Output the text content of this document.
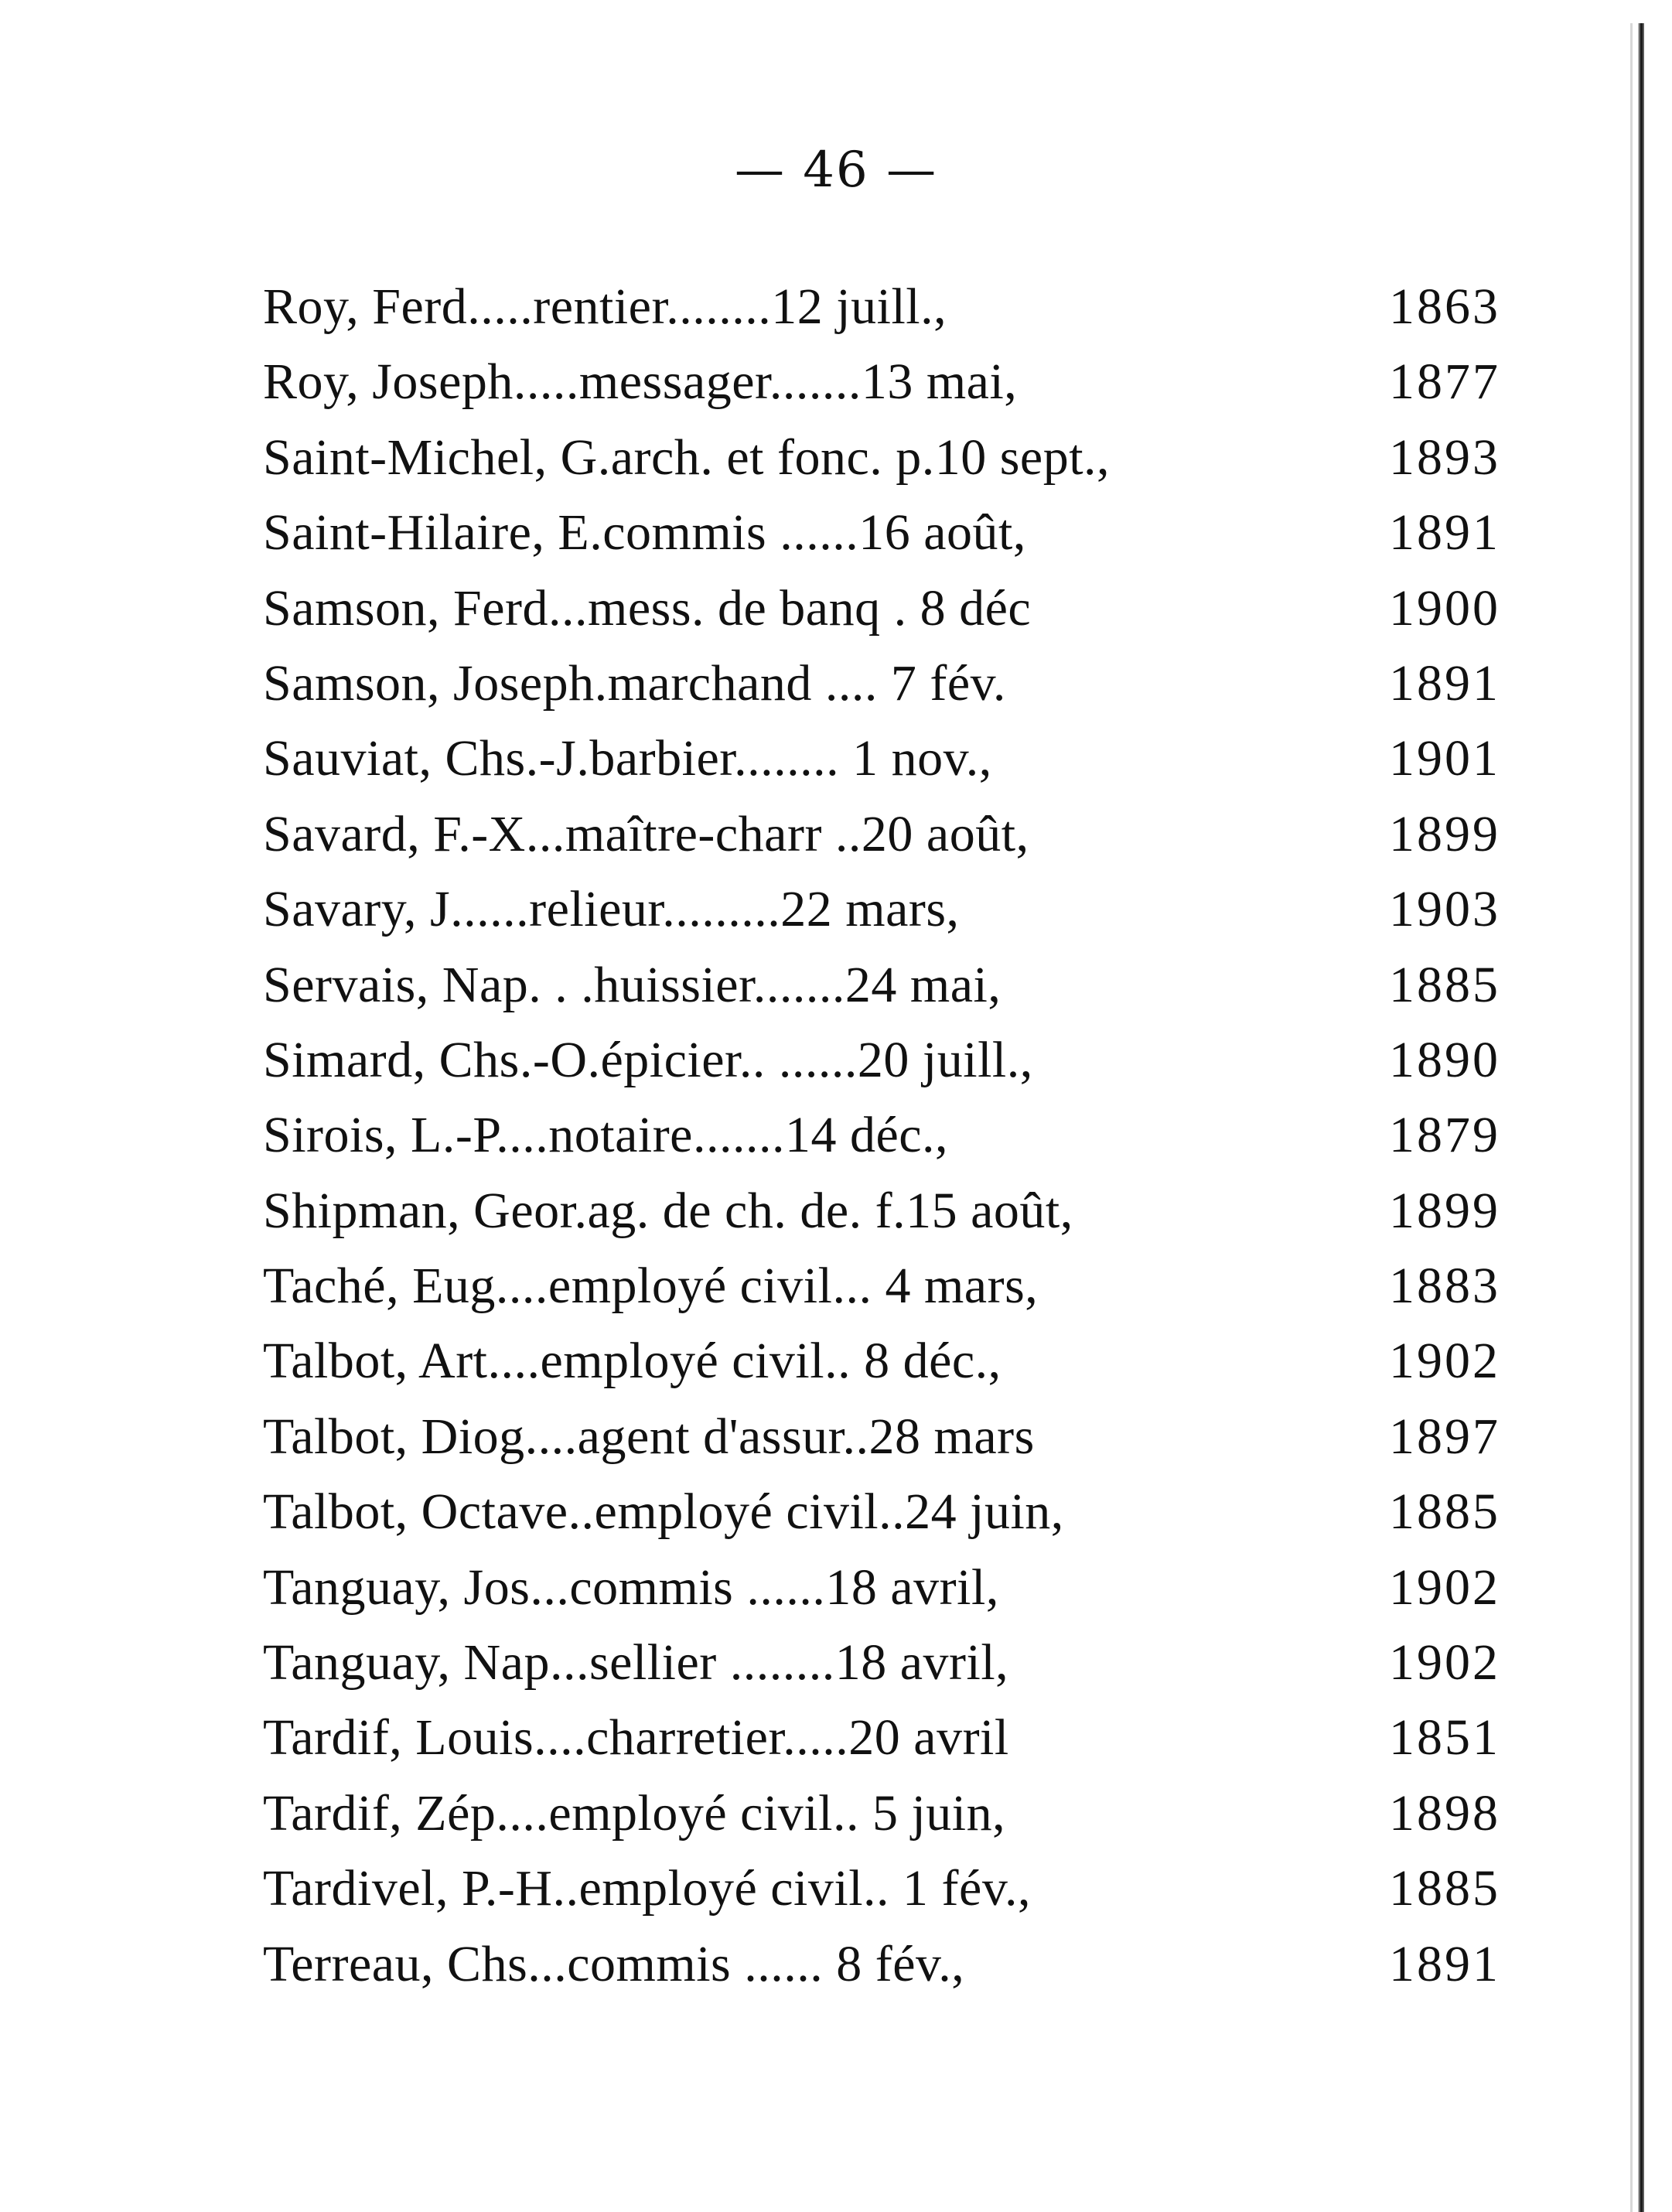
— 46 —
Roy, Ferd.....rentier........12 juill.,	1863
Roy, Joseph.....messager.......13 mai,	1877
Saint-Michel, G.arch. et fonc. p.10 sept.,	1893
Saint-Hilaire, E.commis ......16 août,	1891
Samson, Ferd...mess. de banq . 8 déc	1900
Samson, Joseph.marchand .... 7 fév.	1891
Sauviat, Chs.-J.barbier........ 1 nov.,	1901
Savard, F.-X...maître-charr ..20 août,	1899
Savary, J......relieur.........22 mars,	1903
Servais, Nap. . .huissier.......24 mai,	1885
Simard, Chs.-O.épicier.. ......20 juill.,	1890
Sirois, L.-P....notaire.......14 déc.,	1879
Shipman, Geor.ag. de ch. de. f.15 août,	1899
Taché, Eug....employé civil... 4 mars,	1883
Talbot, Art....employé civil.. 8 déc.,	1902
Talbot, Diog....agent d'assur..28 mars	1897
Talbot, Octave..employé civil..24 juin,	1885
Tanguay, Jos...commis ......18 avril,	1902
Tanguay, Nap...sellier ........18 avril,	1902
Tardif, Louis....charretier.....20 avril	1851
Tardif, Zép....employé civil.. 5 juin,	1898
Tardivel, P.-H..employé civil.. 1 fév.,	1885
Terreau, Chs...commis ...... 8 fév.,	1891
